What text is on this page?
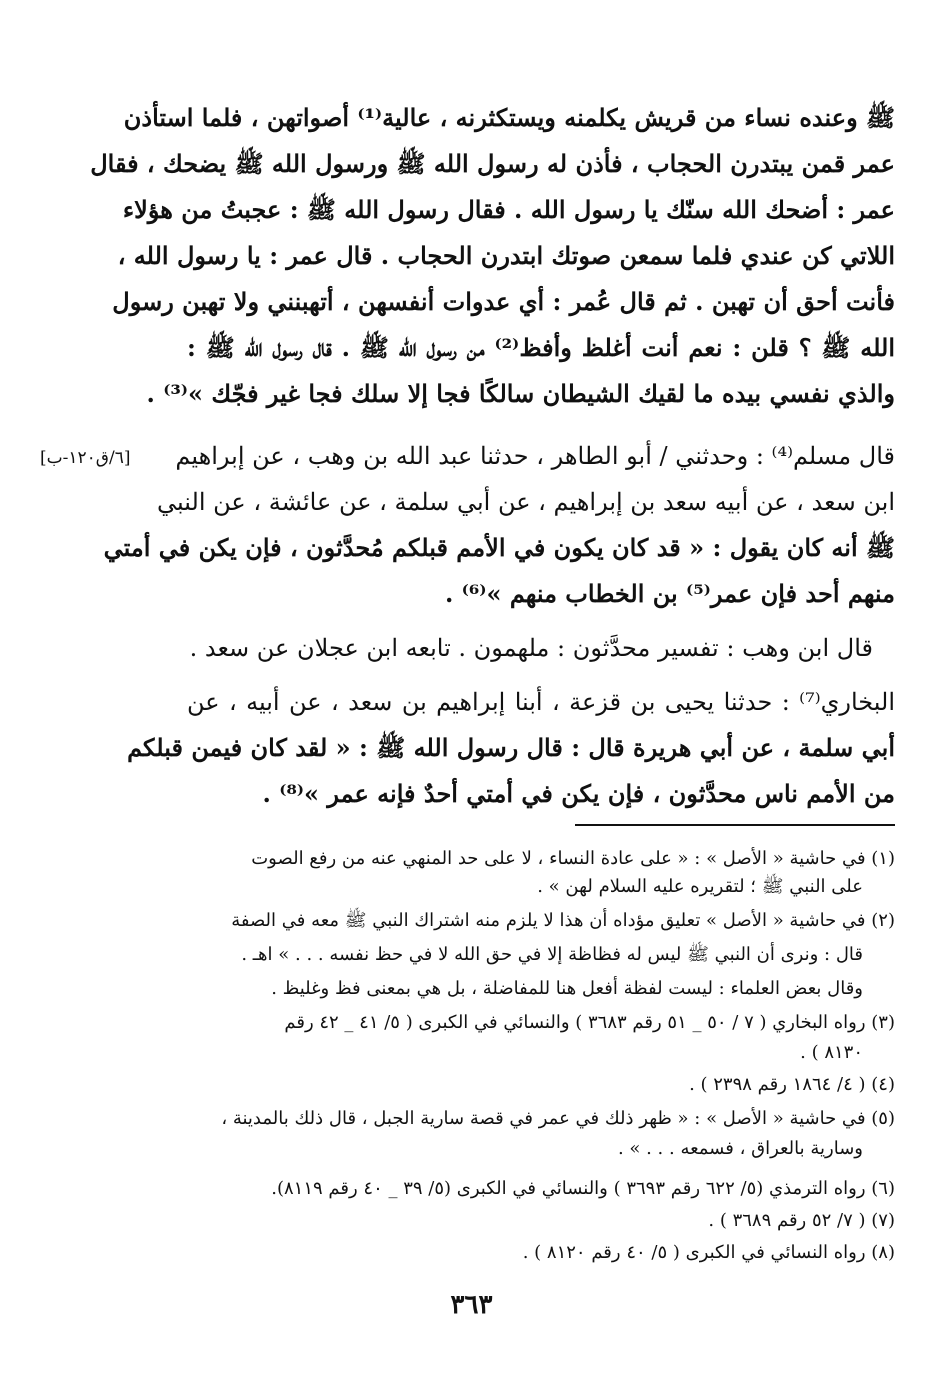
ﷺ وعنده نساء من قريش يكلمنه ويستكثرنه ، عالية⁽¹⁾ أصواتهن ، فلما استأذن
عمر قمن يبتدرن الحجاب ، فأذن له رسول الله ﷺ ورسول الله ﷺ يضحك ، فقال
عمر : أضحك الله سنّك يا رسول الله . فقال رسول الله ﷺ : عجبتُ من هؤلاء
اللاتي كن عندي فلما سمعن صوتك ابتدرن الحجاب . قال عمر : يا رسول الله ،
فأنت أحق أن تهبن . ثم قال عُمر : أي عدوات أنفسهن ، أتهبنني ولا تهبن رسول
الله ﷺ ؟ قلن : نعم أنت أغلظ وأفظ⁽²⁾ من رسول الله ﷺ . قال رسول الله ﷺ :
والذي نفسي بيده ما لقيك الشيطان سالكًا فجا إلا سلك فجا غير فجّك »⁽³⁾ .
قال مسلم⁽⁴⁾ : وحدثني / أبو الطاهر ، حدثنا عبد الله بن وهب ، عن إبراهيم
ابن سعد ، عن أبيه سعد بن إبراهيم ، عن أبي سلمة ، عن عائشة ، عن النبي
ﷺ أنه كان يقول : « قد كان يكون في الأمم قبلكم مُحدَّثون ، فإن يكن في أمتي
منهم أحد فإن عمر⁽⁵⁾ بن الخطاب منهم »⁽⁶⁾ .
[٦/ق١٢٠-ب]
قال ابن وهب : تفسير محدَّثون : ملهمون . تابعه ابن عجلان عن سعد .
البخاري⁽⁷⁾ : حدثنا يحيى بن قزعة ، أبنا إبراهيم بن سعد ، عن أبيه ، عن
أبي سلمة ، عن أبي هريرة قال : قال رسول الله ﷺ : « لقد كان فيمن قبلكم
من الأمم ناس محدَّثون ، فإن يكن في أمتي أحدٌ فإنه عمر »⁽⁸⁾ .
(١) في حاشية « الأصل » : « على عادة النساء ، لا على حد المنهي عنه من رفع الصوت
على النبي ﷺ ؛ لتقريره عليه السلام لهن » .
(٢) في حاشية « الأصل » تعليق مؤداه أن هذا لا يلزم منه اشتراك النبي ﷺ معه في الصفة
قال : ونرى أن النبي ﷺ ليس له فظاظة إلا في حق الله لا في حظ نفسه . . . » اهـ .
وقال بعض العلماء : ليست لفظة أفعل هنا للمفاضلة ، بل هي بمعنى فظ وغليظ .
(٣) رواه البخاري ( ٧ / ٥٠ _ ٥١ رقم ٣٦٨٣ ) والنسائي في الكبرى ( ٥/ ٤١ _ ٤٢ رقم
٨١٣٠ ) .
(٤) ( ٤/ ١٨٦٤ رقم ٢٣٩٨ ) .
(٥) في حاشية « الأصل » : « ظهر ذلك في عمر في قصة سارية الجبل ، قال ذلك بالمدينة ،
وسارية بالعراق ، فسمعه . . . » .
(٦) رواه الترمذي (٥/ ٦٢٢ رقم ٣٦٩٣ ) والنسائي في الكبرى (٥/ ٣٩ _ ٤٠ رقم ٨١١٩).
(٧) ( ٧/ ٥٢ رقم ٣٦٨٩ ) .
(٨) رواه النسائي في الكبرى ( ٥/ ٤٠ رقم ٨١٢٠ ) .
٣٦٣
